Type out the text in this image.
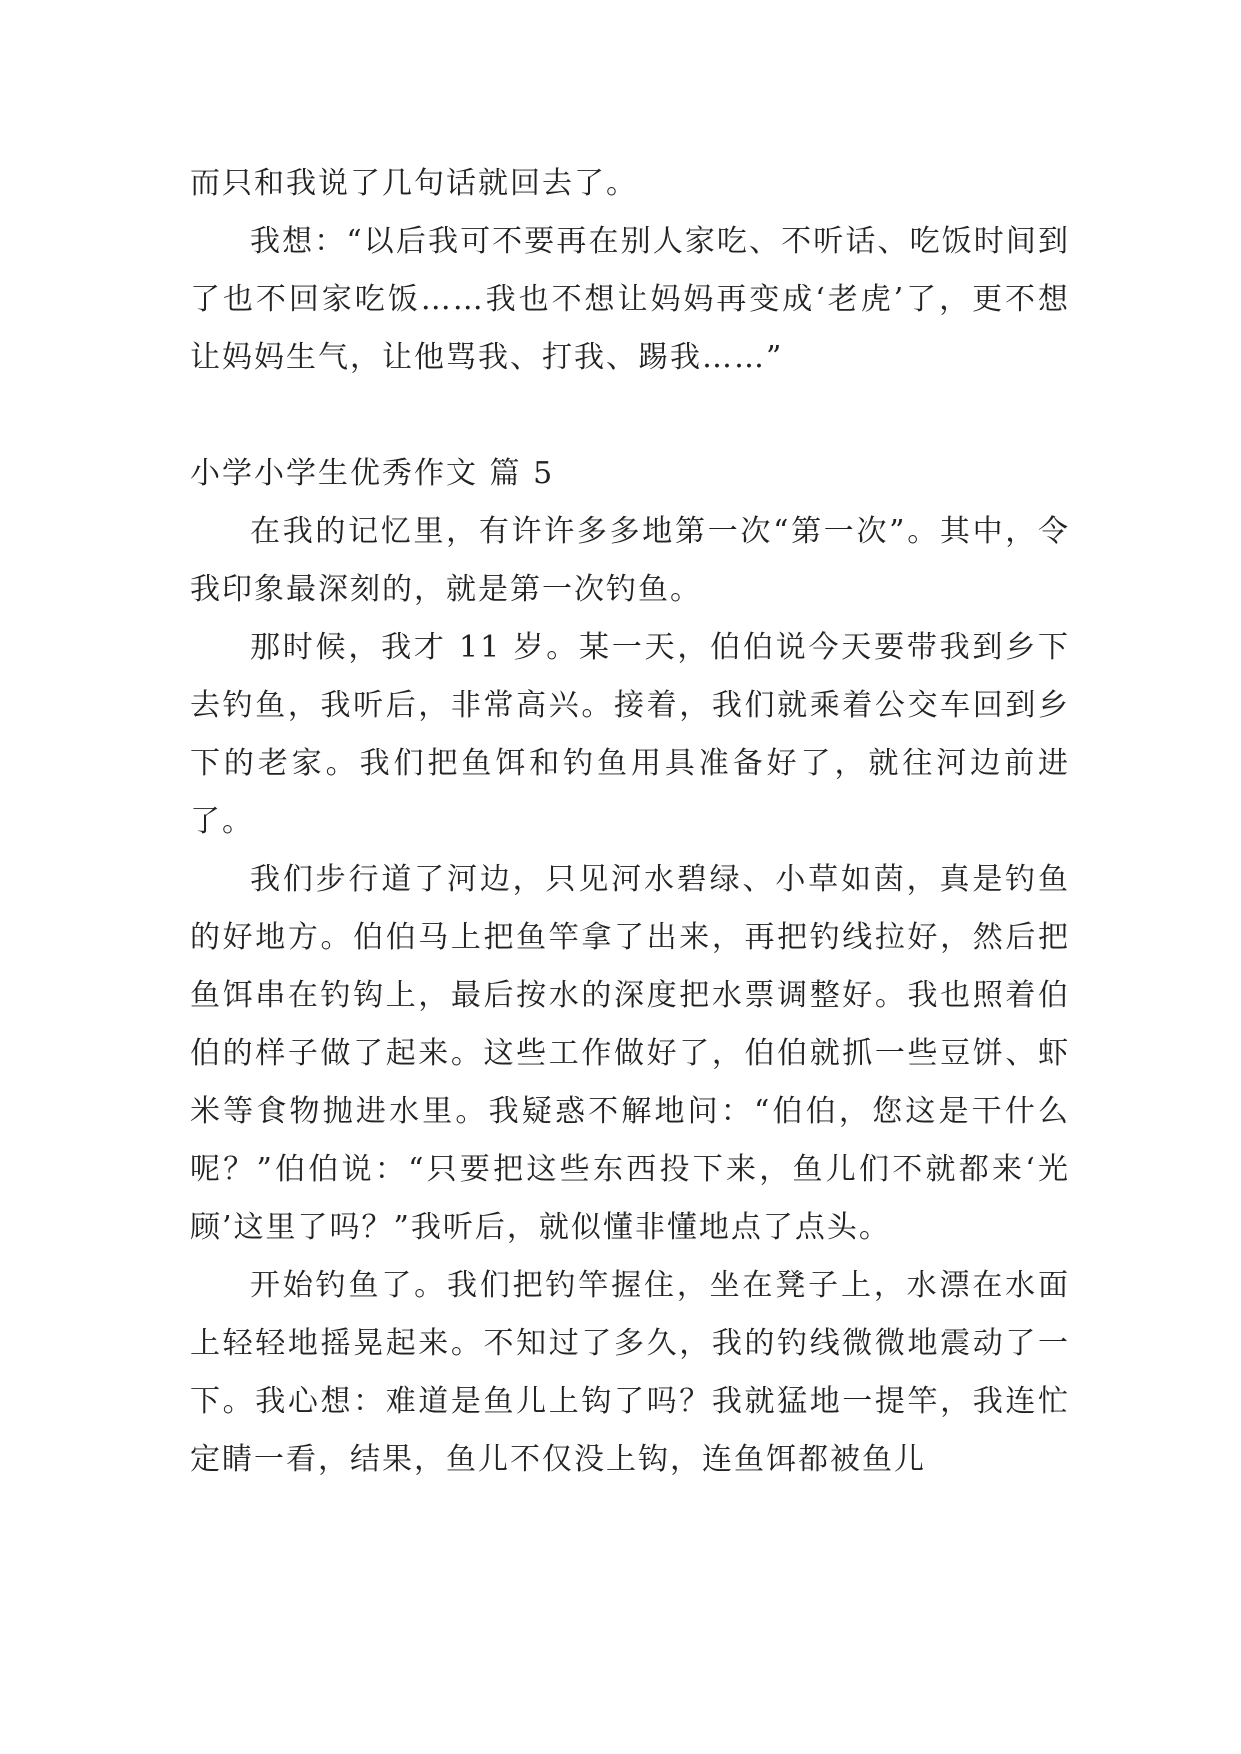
而只和我说了几句话就回去了。

我想：“以后我可不要再在别人家吃、不听话、吃饭时间到了也不回家吃饭……我也不想让妈妈再变成‘老虎’了，更不想让妈妈生气，让他骂我、打我、踢我……”

小学小学生优秀作文 篇 5

在我的记忆里，有许许多多地第一次“第一次”。其中，令我印象最深刻的，就是第一次钓鱼。

那时候，我才 11 岁。某一天，伯伯说今天要带我到乡下去钓鱼，我听后，非常高兴。接着，我们就乘着公交车回到乡下的老家。我们把鱼饵和钓鱼用具准备好了，就往河边前进了。

我们步行道了河边，只见河水碧绿、小草如茵，真是钓鱼的好地方。伯伯马上把鱼竿拿了出来，再把钓线拉好，然后把鱼饵串在钓钩上，最后按水的深度把水票调整好。我也照着伯伯的样子做了起来。这些工作做好了，伯伯就抓一些豆饼、虾米等食物抛进水里。我疑惑不解地问：“伯伯，您这是干什么呢？”伯伯说：“只要把这些东西投下来，鱼儿们不就都来‘光顾’这里了吗？”我听后，就似懂非懂地点了点头。

开始钓鱼了。我们把钓竿握住，坐在凳子上，水漂在水面上轻轻地摇晃起来。不知过了多久，我的钓线微微地震动了一下。我心想：难道是鱼儿上钩了吗？我就猛地一提竿，我连忙定睛一看，结果，鱼儿不仅没上钩，连鱼饵都被鱼儿
